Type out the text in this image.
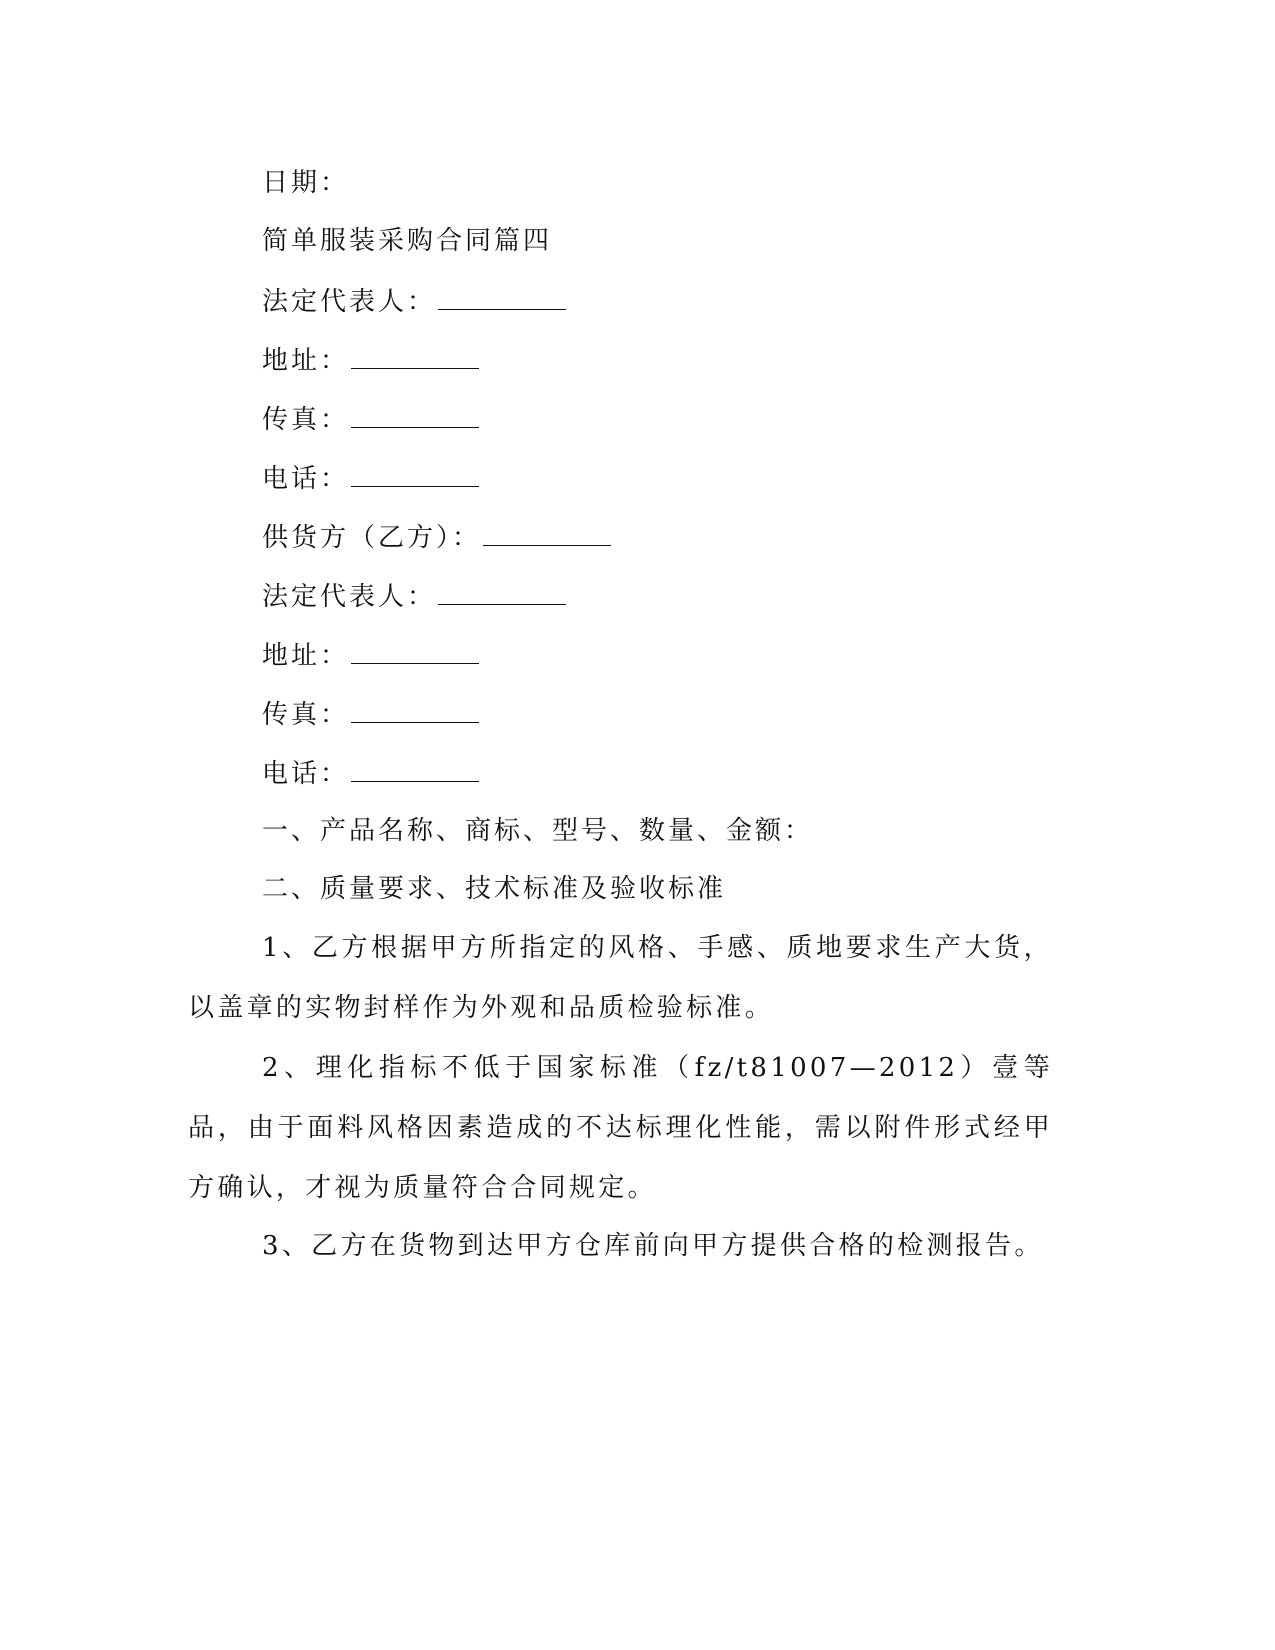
日期：
简单服装采购合同篇四
法定代表人：
地址：
传真：
电话：
供货方（乙方）：
法定代表人：
地址：
传真：
电话：
一、产品名称、商标、型号、数量、金额：
二、质量要求、技术标准及验收标准
1、乙方根据甲方所指定的风格、手感、质地要求生产大货，以盖章的实物封样作为外观和品质检验标准。
2、理化指标不低于国家标准（fz/t81007—2012）壹等品，由于面料风格因素造成的不达标理化性能，需以附件形式经甲方确认，才视为质量符合合同规定。
3、乙方在货物到达甲方仓库前向甲方提供合格的检测报告。
